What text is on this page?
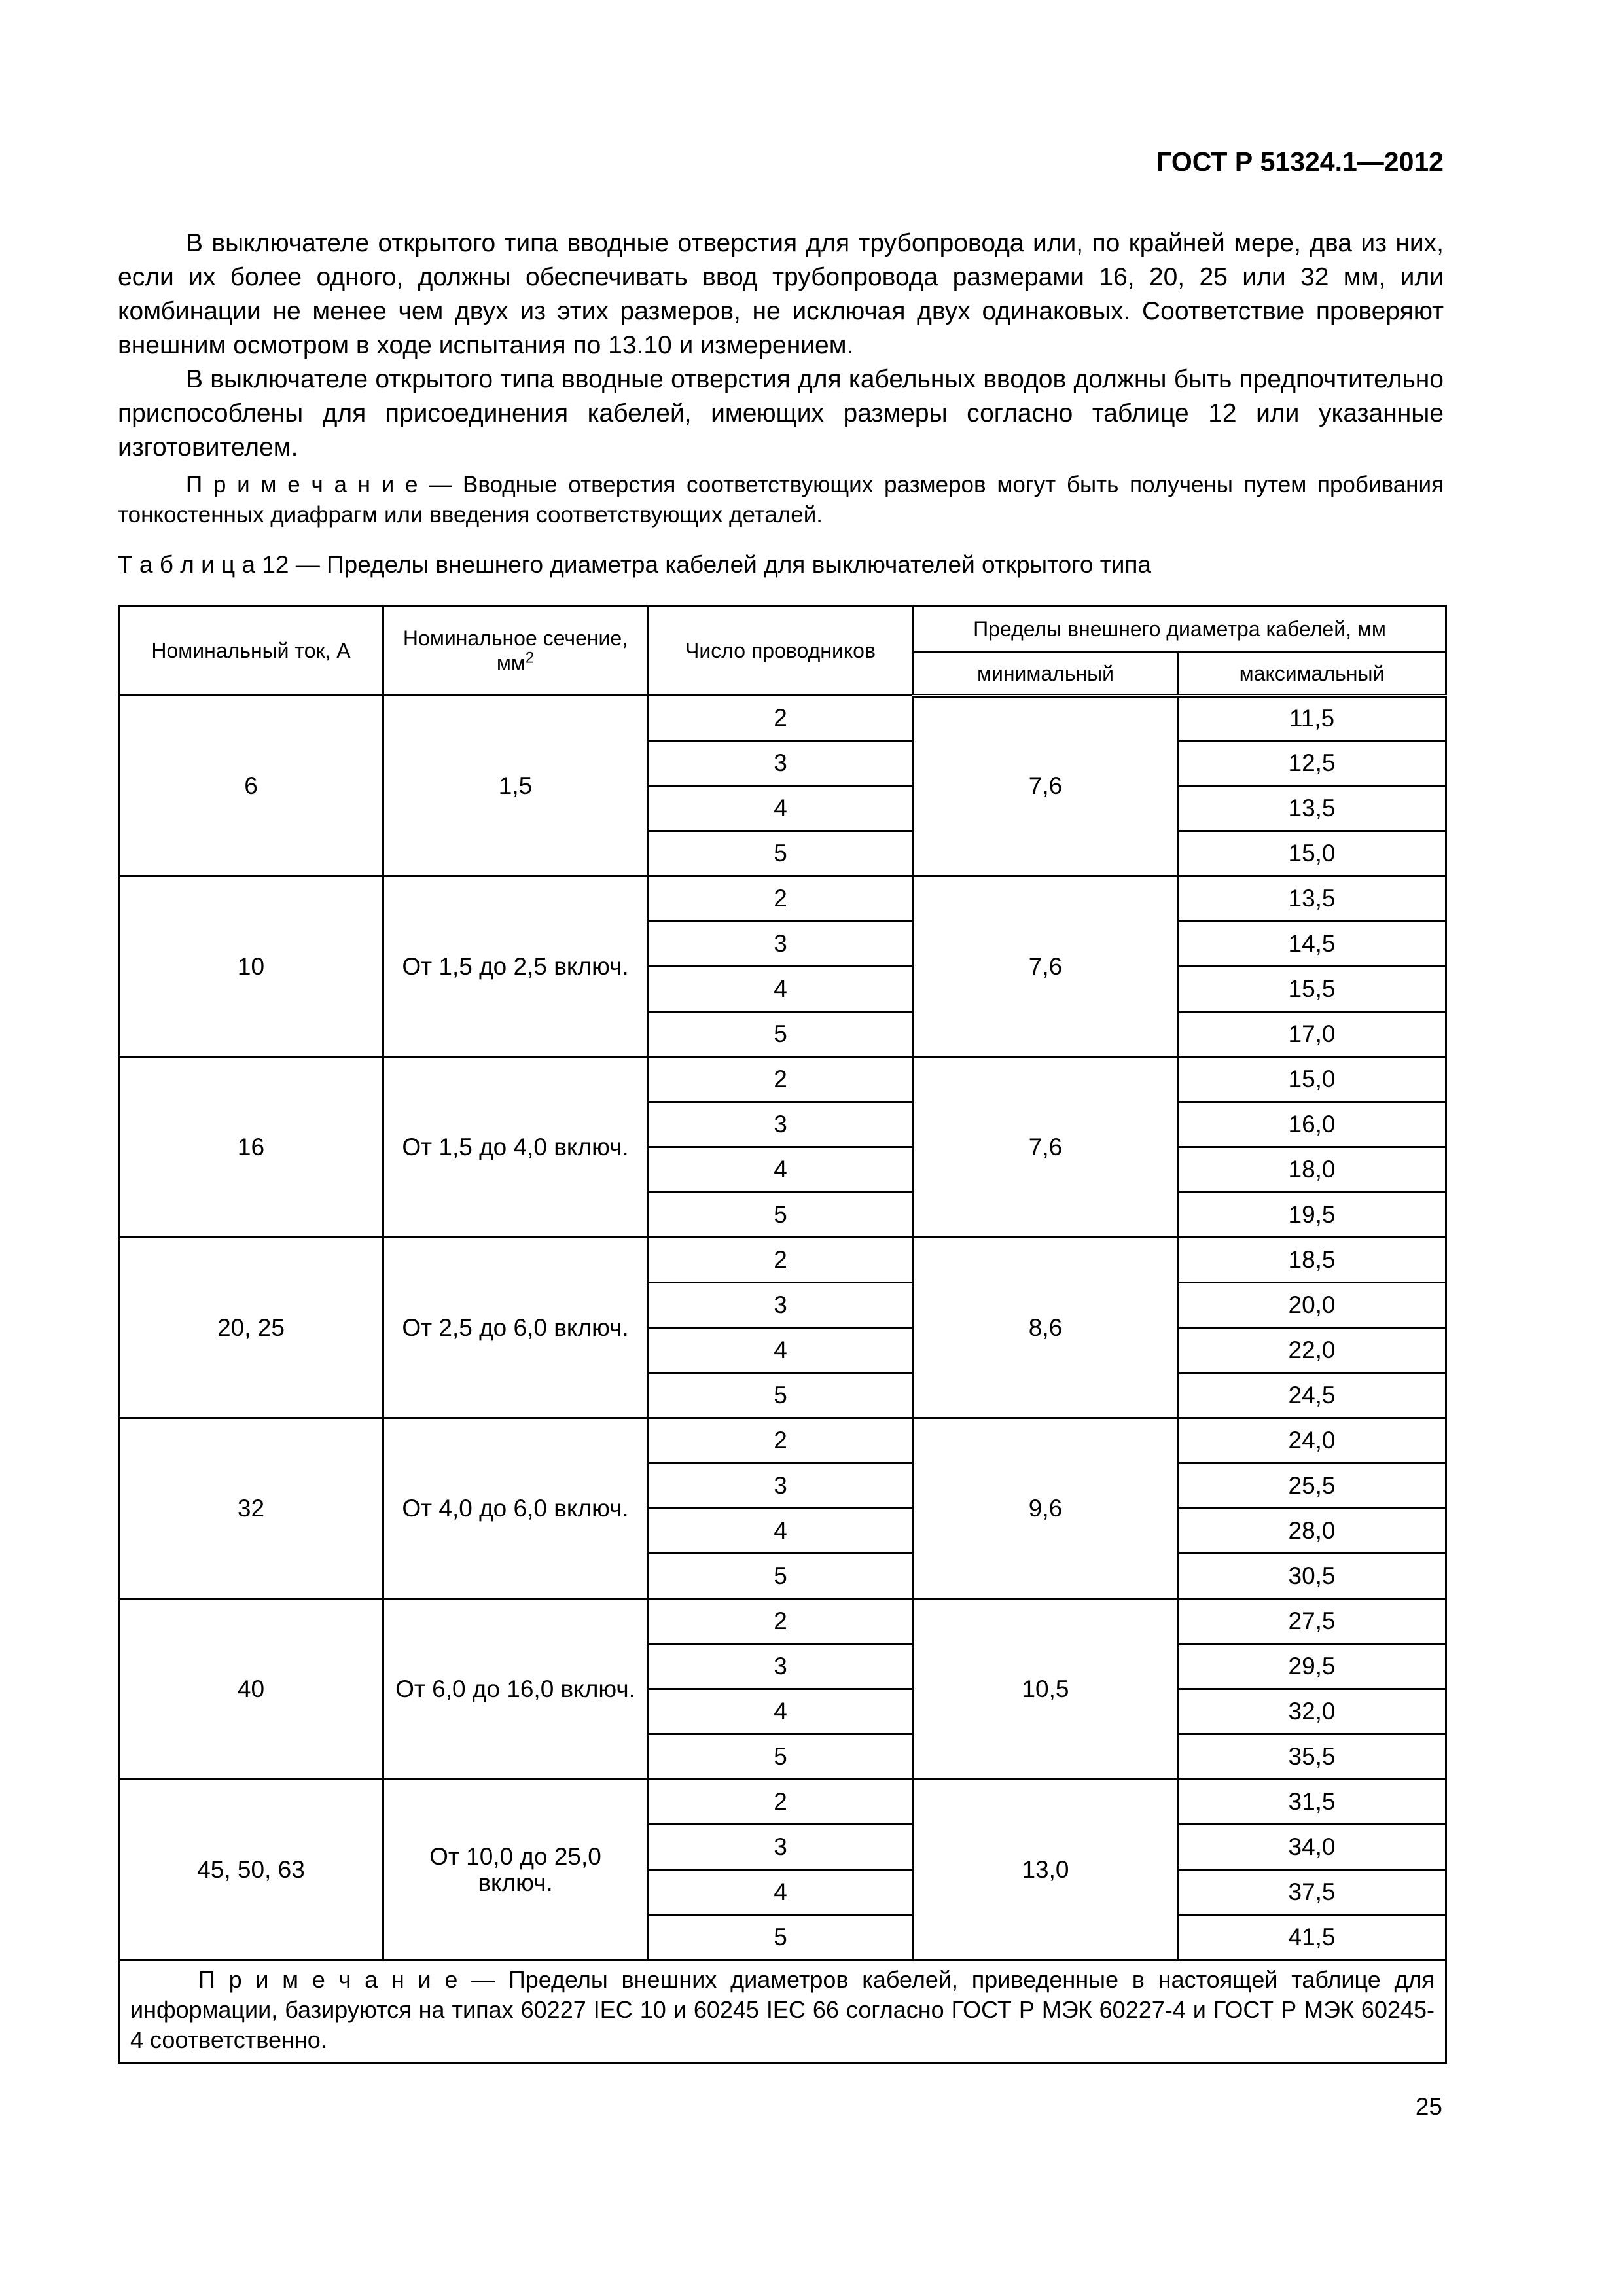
ГОСТ Р 51324.1—2012

В выключателе открытого типа вводные отверстия для трубопровода или, по крайней мере, два из них, если их более одного, должны обеспечивать ввод трубопровода размерами 16, 20, 25 или 32 мм, или комбинации не менее чем двух из этих размеров, не исключая двух одинаковых. Соответствие проверяют внешним осмотром в ходе испытания по 13.10 и измерением.

В выключателе открытого типа вводные отверстия для кабельных вводов должны быть предпочтительно приспособлены для присоединения кабелей, имеющих размеры согласно таблице 12 или указанные изготовителем.

П р и м е ч а н и е — Вводные отверстия соответствующих размеров могут быть получены путем пробивания тонкостенных диафрагм или введения соответствующих деталей.
Т а б л и ц а 12 — Пределы внешнего диаметра кабелей для выключателей открытого типа
Номинальный ток, А	Номинальное сечение, $мм^2$	Число проводников	Пределы внешнего диаметра кабелей, мм	
			минимальный	максимальный
6	1,5	2	7,6	11,5
		3		12,5
		4		13,5
		5		15,0
10	От 1,5 до 2,5 включ.	2	7,6	13,5
		3		14,5
		4		15,5
		5		17,0
16	От 1,5 до 4,0 включ.	2	7,6	15,0
		3		16,0
		4		18,0
		5		19,5
20, 25	От 2,5 до 6,0 включ.	2	8,6	18,5
		3		20,0
		4		22,0
		5		24,5
32	От 4,0 до 6,0 включ.	2	9,6	24,0
		3		25,5
		4		28,0
		5		30,5
40	От 6,0 до 16,0 включ.	2	10,5	27,5
		3		29,5
		4		32,0
		5		35,5
45, 50, 63	От 10,0 до 25,0 включ.	2	13,0	31,5
		3		34,0
		4		37,5
		5		41,5

П р и м е ч а н и е — Пределы внешних диаметров кабелей, приведенные в настоящей таблице для информации, базируются на типах 60227 IEC 10 и 60245 IEC 66 согласно ГОСТ Р МЭК 60227-4 и ГОСТ Р МЭК 60245-4 соответственно.				
25
